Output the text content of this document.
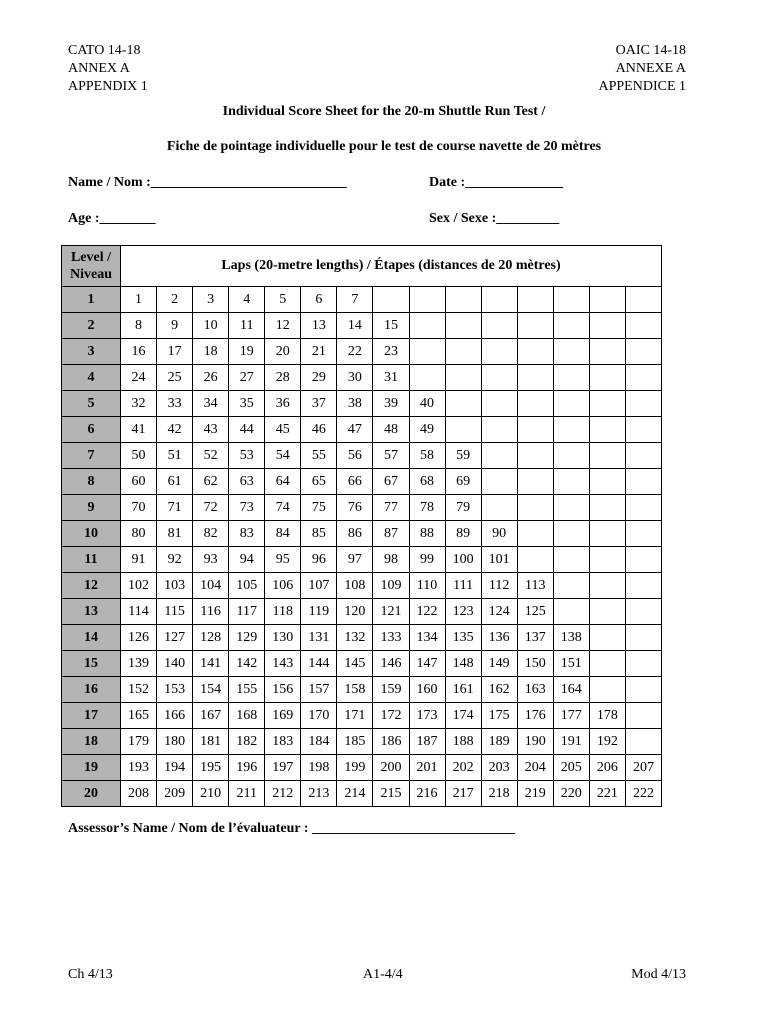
CATO 14-18
ANNEX A
APPENDIX 1
OAIC 14-18
ANNEXE A
APPENDICE 1
Individual Score Sheet for the 20-m Shuttle Run Test /
Fiche de pointage individuelle pour le test de course navette de 20 mètres
Name / Nom :____________________________	Date :______________
Age :________	Sex / Sexe :_________
Level /
Niveau	Laps (20-metre lengths) / Étapes (distances de 20 mètres)														
1	1	2	3	4	5	6	7								
2	8	9	10	11	12	13	14	15							
3	16	17	18	19	20	21	22	23							
4	24	25	26	27	28	29	30	31							
5	32	33	34	35	36	37	38	39	40						
6	41	42	43	44	45	46	47	48	49						
7	50	51	52	53	54	55	56	57	58	59					
8	60	61	62	63	64	65	66	67	68	69					
9	70	71	72	73	74	75	76	77	78	79					
10	80	81	82	83	84	85	86	87	88	89	90				
11	91	92	93	94	95	96	97	98	99	100	101				
12	102	103	104	105	106	107	108	109	110	111	112	113			
13	114	115	116	117	118	119	120	121	122	123	124	125			
14	126	127	128	129	130	131	132	133	134	135	136	137	138		
15	139	140	141	142	143	144	145	146	147	148	149	150	151		
16	152	153	154	155	156	157	158	159	160	161	162	163	164		
17	165	166	167	168	169	170	171	172	173	174	175	176	177	178	
18	179	180	181	182	183	184	185	186	187	188	189	190	191	192	
19	193	194	195	196	197	198	199	200	201	202	203	204	205	206	207
20	208	209	210	211	212	213	214	215	216	217	218	219	220	221	222
Assessor’s Name / Nom de l’évaluateur : _____________________________
Ch 4/13	A1-4/4	Mod 4/13
